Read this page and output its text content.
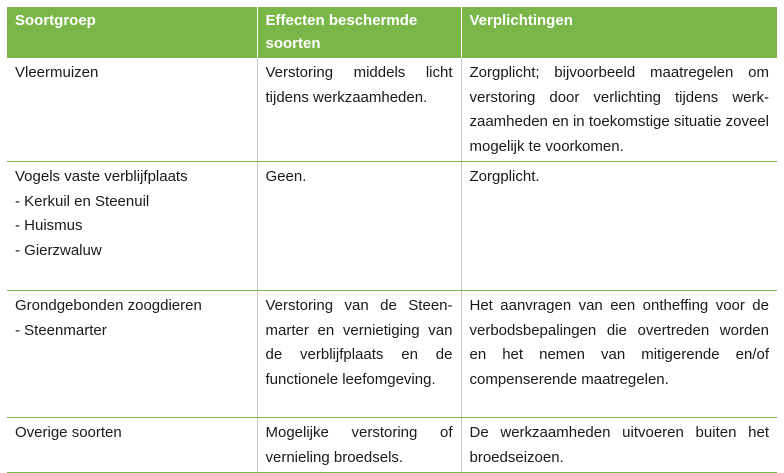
Soortgroep	Effecten beschermde soorten	Verplichtingen

Vleermuizen	Verstoring middels licht tijdens werkzaamheden.	Zorgplicht; bijvoorbeeld maatregelen om verstoring door verlichting tijdens werkzaamheden en in toekomstige situatie zoveel mogelijk te voorkomen.

Vogels vaste verblijfplaats
- Kerkuil en Steenuil
- Huismus
- Gierzwaluw	Geen.	Zorgplicht.

Grondgebonden zoogdieren
- Steenmarter	Verstoring van de Steenmarter en vernietiging van de verblijfplaats en de functionele leefomgeving.	Het aanvragen van een ontheffing voor de verbodsbepalingen die overtreden worden en het nemen van mitigerende en/of compenserende maatregelen.

Overige soorten	Mogelijke verstoring of vernieling broedsels.	De werkzaamheden uitvoeren buiten het broedseizoen.
